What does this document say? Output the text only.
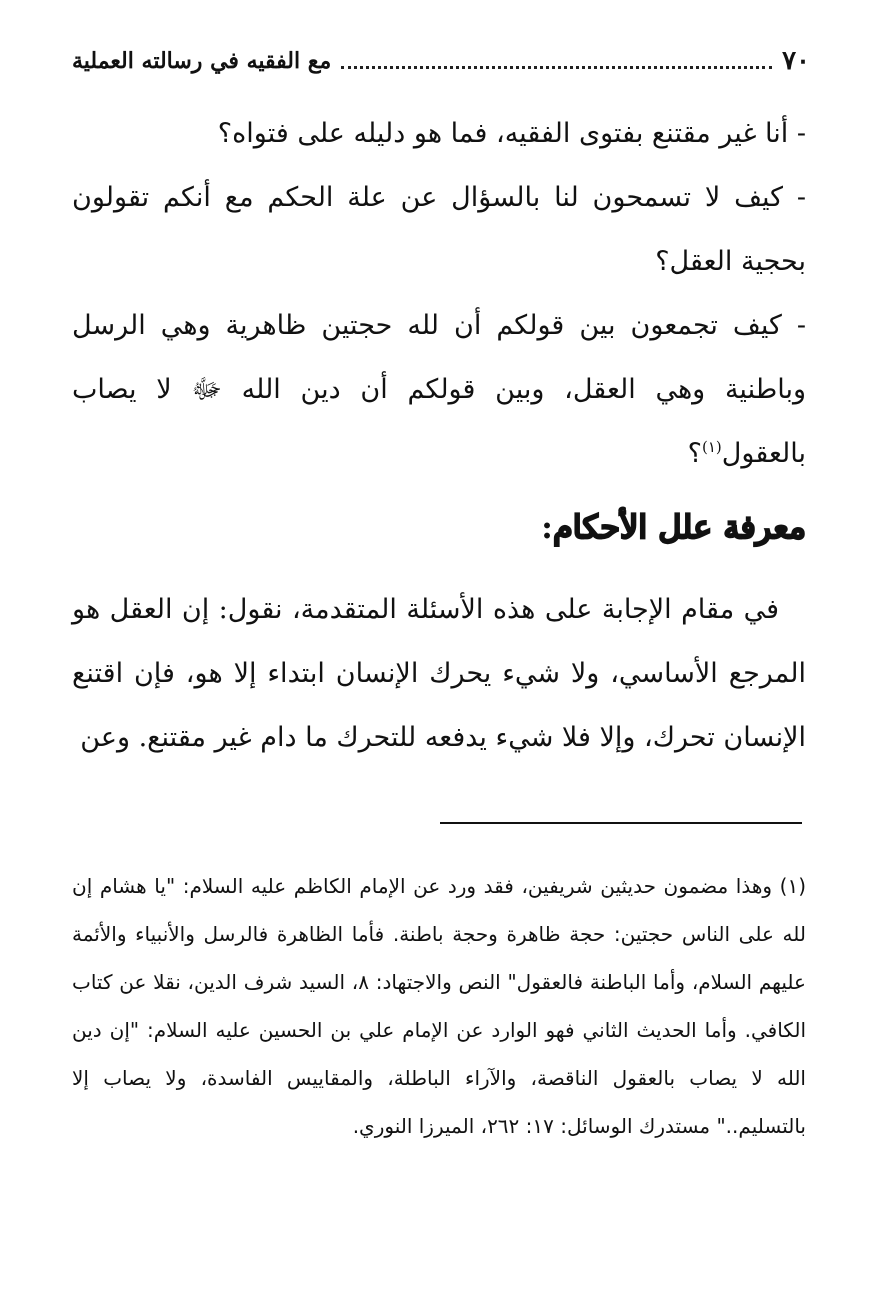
٧٠
مع الفقيه في رسالته العملية

- أنا غير مقتنع بفتوى الفقيه، فما هو دليله على فتواه؟

- كيف لا تسمحون لنا بالسؤال عن علة الحكم مع أنكم تقولون بحجية العقل؟

- كيف تجمعون بين قولكم أن لله حجتين ظاهرية وهي الرسل وباطنية وهي العقل، وبين قولكم أن دين الله ﷻ لا يصاب بالعقول$^{(١)}$؟

معرفة علل الأحكام:

 في مقام الإجابة على هذه الأسئلة المتقدمة، نقول: إن العقل هو المرجع الأساسي، ولا شيء يحرك الإنسان ابتداء إلا هو، فإن اقتنع الإنسان تحرك، وإلا فلا شيء يدفعه للتحرك ما دام غير مقتنع. وعن

(١) وهذا مضمون حديثين شريفين، فقد ورد عن الإمام الكاظم عليه السلام: "يا هشام إن لله على الناس حجتين: حجة ظاهرة وحجة باطنة. فأما الظاهرة فالرسل والأنبياء والأئمة عليهم السلام، وأما الباطنة فالعقول" النص والاجتهاد: ٨، السيد شرف الدين، نقلا عن كتاب الكافي. وأما الحديث الثاني فهو الوارد عن الإمام علي بن الحسين عليه السلام: "إن دين الله لا يصاب بالعقول الناقصة، والآراء الباطلة، والمقاييس الفاسدة، ولا يصاب إلا بالتسليم.." مستدرك الوسائل: ١٧: ٢٦٢، الميرزا النوري.
